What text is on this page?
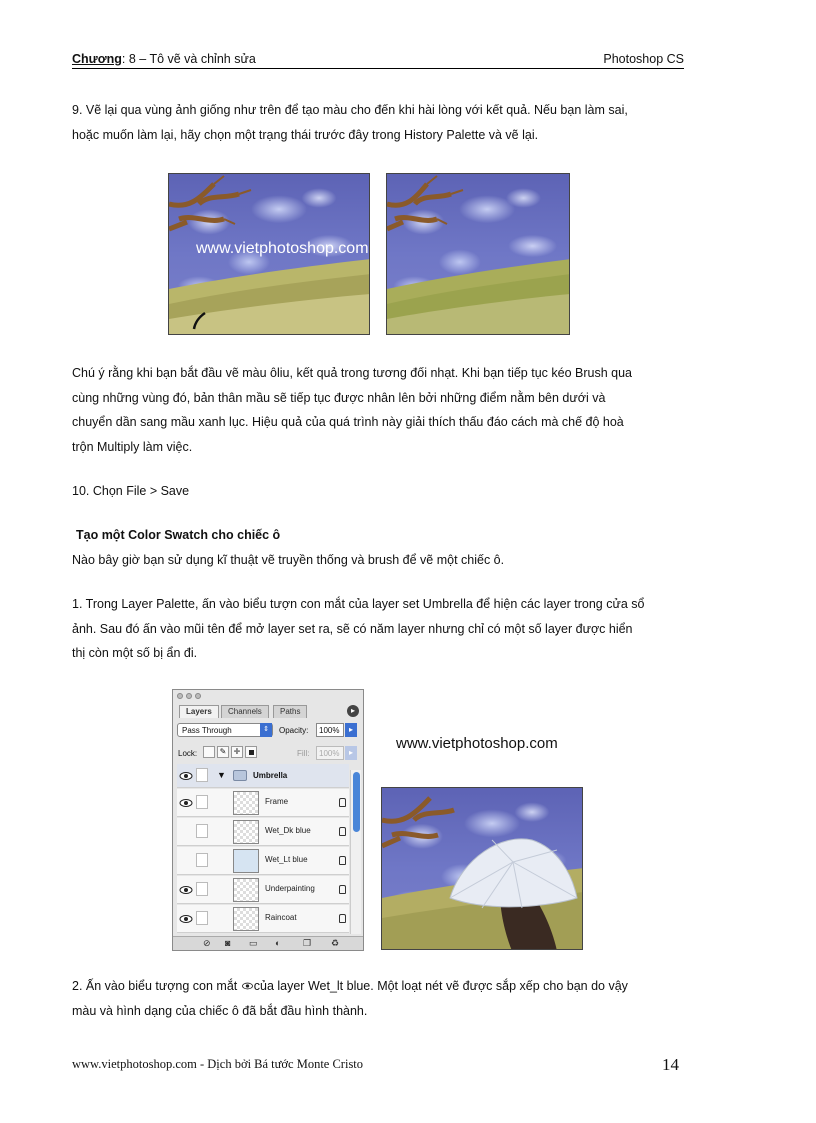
Chương: 8 – Tô vẽ và chỉnh sửa	Photoshop CS
9. Vẽ lại qua vùng ảnh giống như trên để tạo màu cho đến khi hài lòng với kết quả. Nếu bạn làm sai,
hoặc muốn làm lại, hãy chọn một trạng thái trước đây trong History Palette và vẽ lại.
www.vietphotoshop.com
Chú ý rằng khi bạn bắt đầu vẽ màu ôliu, kết quả trong tương đối nhạt. Khi bạn tiếp tục kéo Brush qua
cùng những vùng đó, bản thân mầu sẽ tiếp tục được nhân lên bởi những điểm nằm bên dưới và
chuyển dần sang mầu xanh lục. Hiệu quả của quá trình này giải thích thấu đáo cách mà chế độ hoà
trộn Multiply làm việc.
10. Chọn File > Save
Tạo một Color Swatch cho chiếc ô
Nào bây giờ bạn sử dụng kĩ thuật vẽ truyền thống và brush để vẽ một chiếc ô.
1. Trong Layer Palette, ấn vào biểu tượn con mắt của layer set Umbrella để hiện các layer trong cửa sổ
ảnh. Sau đó ấn vào mũi tên để mở layer set ra, sẽ có năm layer nhưng chỉ có một số layer được hiển
thị còn một số bị ẩn đi.
Layers	Channels	Paths	▸
Pass Through	⇕	Opacity:	100%	▸
Lock:	✎ ✛	Fill:	100%	▸
▼	Umbrella
Frame
Wet_Dk blue
Wet_Lt blue
Underpainting
Raincoat
⊘ ◙ ▭ ◐	❐ ♻
www.vietphotoshop.com
2. Ấn vào biểu tượng con mắt của layer Wet_lt blue. Một loạt nét vẽ được sắp xếp cho bạn do vậy
màu và hình dạng của chiếc ô đã bắt đầu hình thành.
www.vietphotoshop.com - Dịch bởi Bá tước Monte Cristo	14
